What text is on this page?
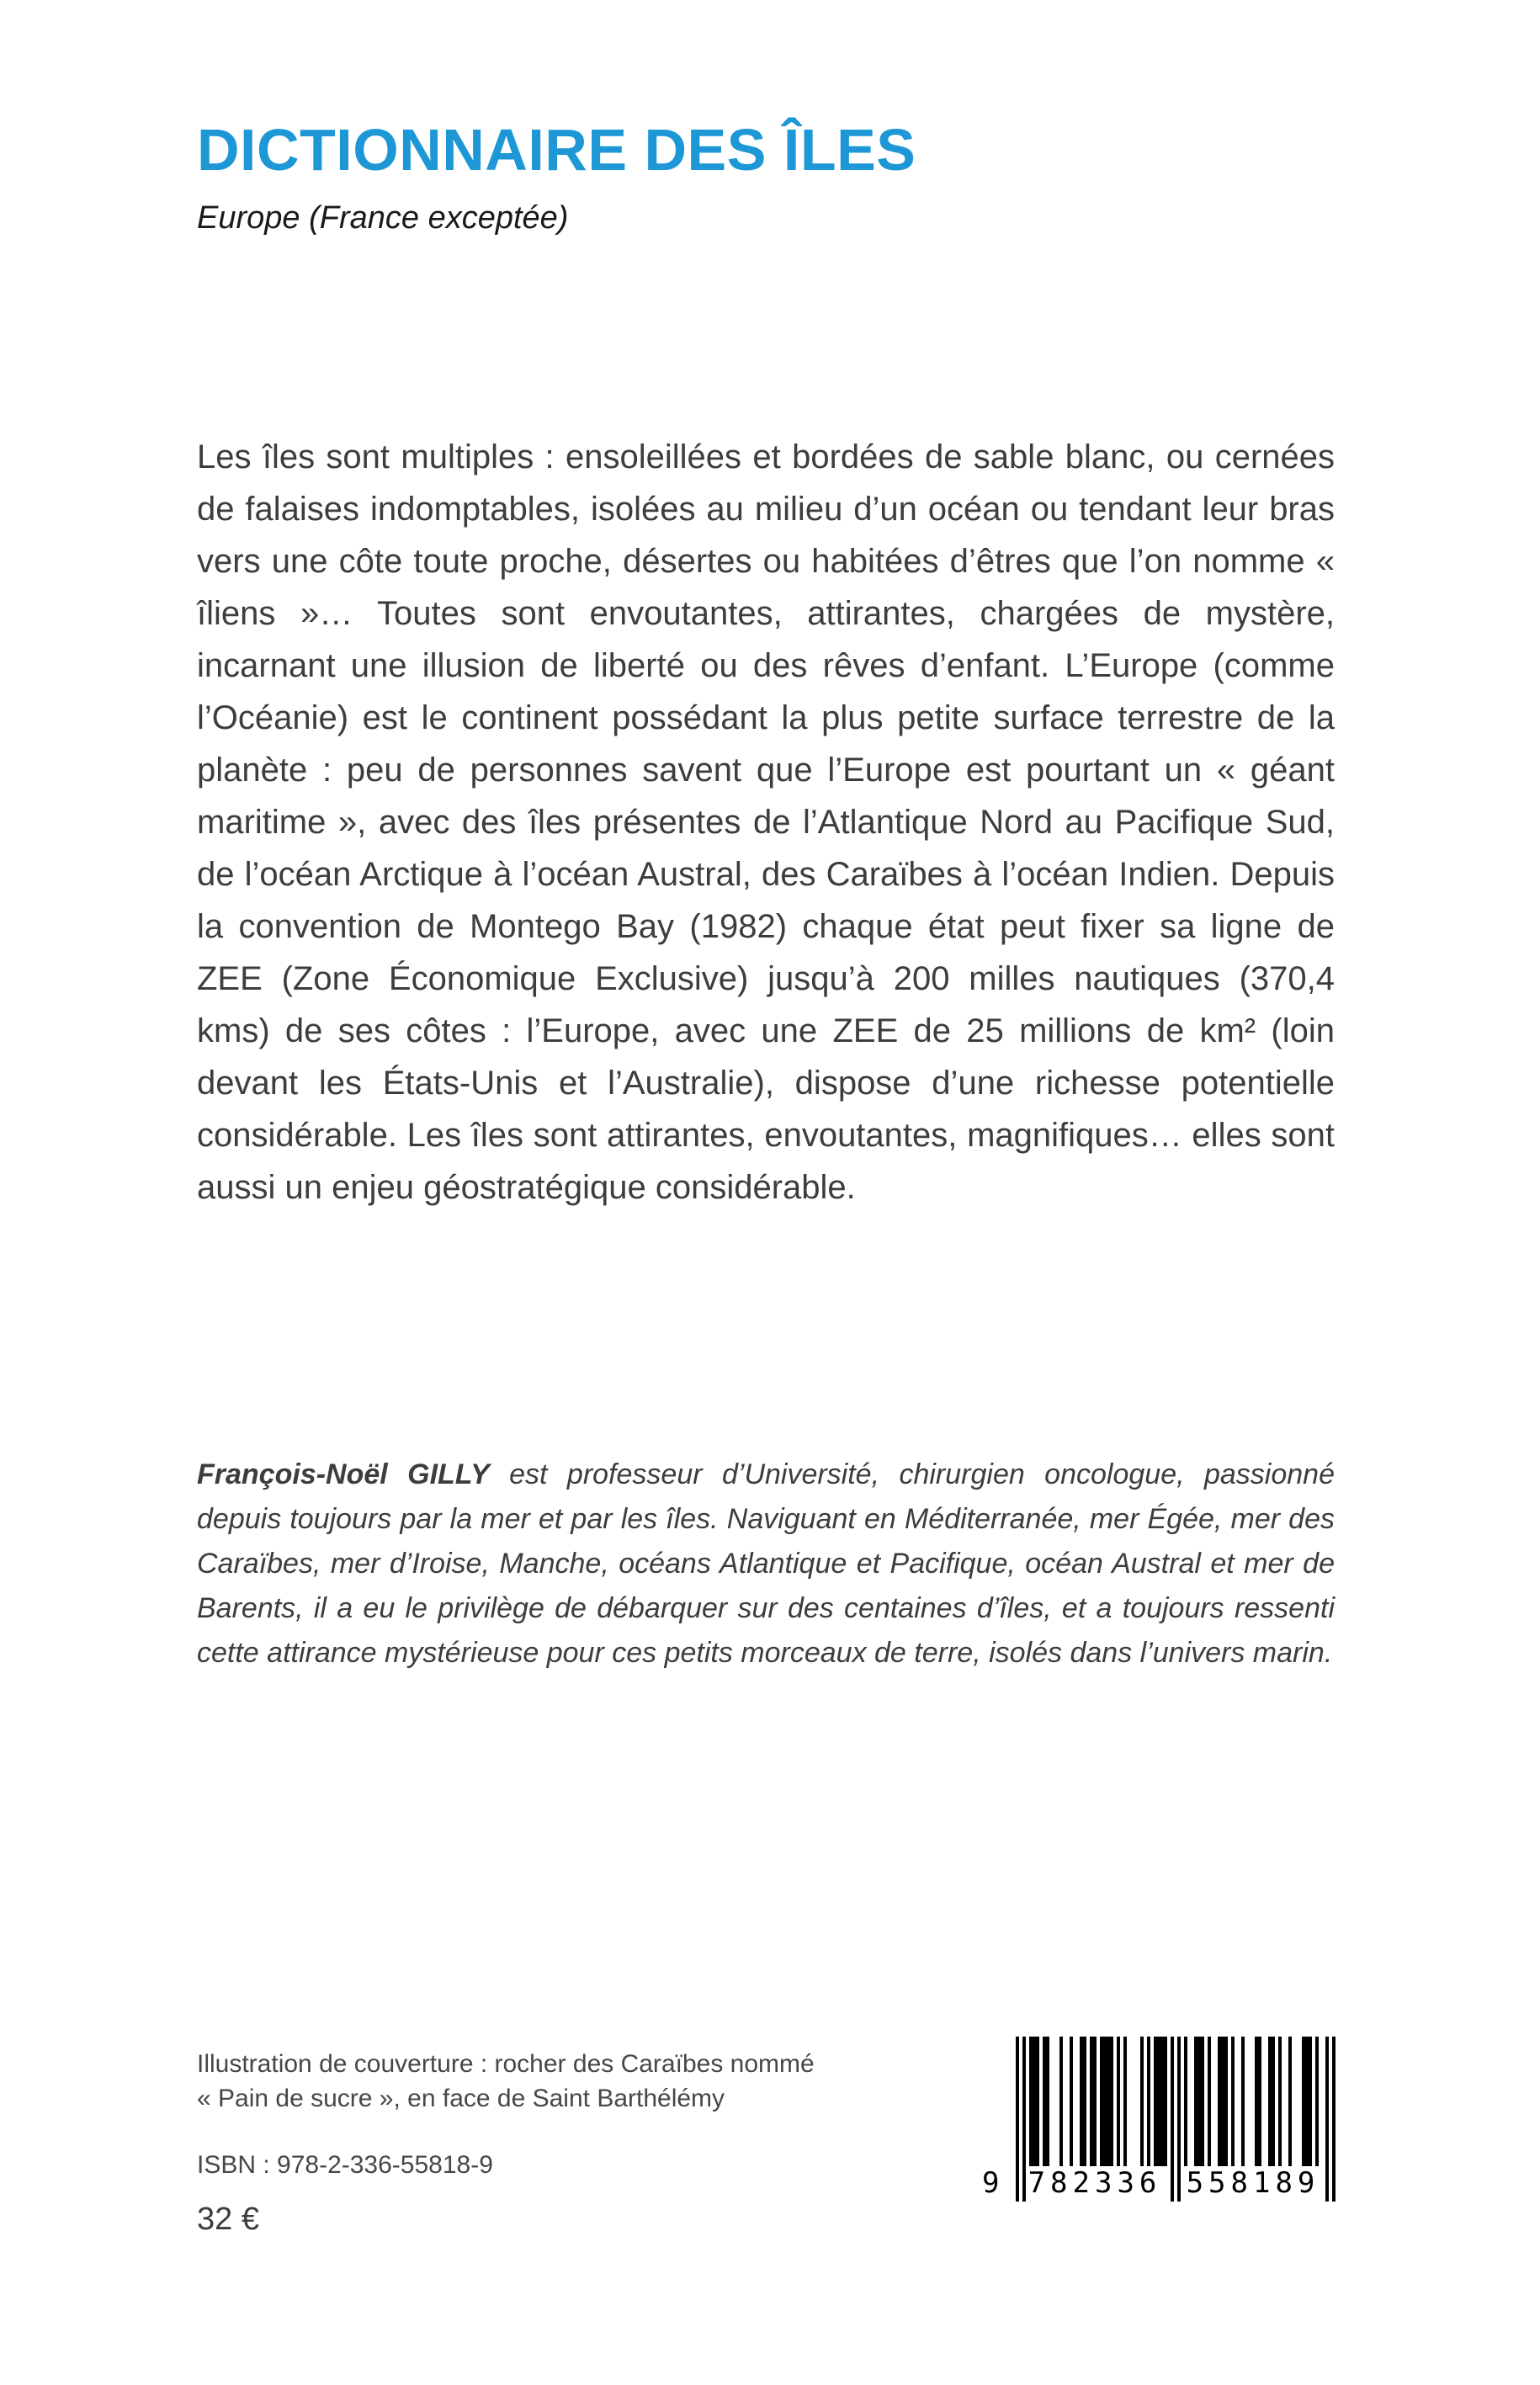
DICTIONNAIRE DES ÎLES
Europe (France exceptée)

Les îles sont multiples : ensoleillées et bordées de sable blanc, ou cernées de falaises indomptables, isolées au milieu d’un océan ou tendant leur bras vers une côte toute proche, désertes ou habitées d’êtres que l’on nomme « îliens »… Toutes sont envoutantes, attirantes, chargées de mystère, incarnant une illusion de liberté ou des rêves d’enfant. L’Europe (comme l’Océanie) est le continent possédant la plus petite surface terrestre de la planète : peu de personnes savent que l’Europe est pourtant un « géant maritime », avec des îles présentes de l’Atlantique Nord au Pacifique Sud, de l’océan Arctique à l’océan Austral, des Caraïbes à l’océan Indien. Depuis la convention de Montego Bay (1982) chaque état peut fixer sa ligne de ZEE (Zone Économique Exclusive) jusqu’à 200 milles nautiques (370,4 kms) de ses côtes : l’Europe, avec une ZEE de 25 millions de km² (loin devant les États-Unis et l’Australie), dispose d’une richesse potentielle considérable. Les îles sont attirantes, envoutantes, magnifiques… elles sont aussi un enjeu géostratégique considérable.

François-Noël GILLY est professeur d’Université, chirurgien oncologue, passionné depuis toujours par la mer et par les îles. Naviguant en Méditerranée, mer Égée, mer des Caraïbes, mer d’Iroise, Manche, océans Atlantique et Pacifique, océan Austral et mer de Barents, il a eu le privilège de débarquer sur des centaines d’îles, et a toujours ressenti cette attirance mystérieuse pour ces petits morceaux de terre, isolés dans l’univers marin.

Illustration de couverture : rocher des Caraïbes nommé
« Pain de sucre », en face de Saint Barthélémy
ISBN : 978-2-336-55818-9
32 €
9 782336 558189
